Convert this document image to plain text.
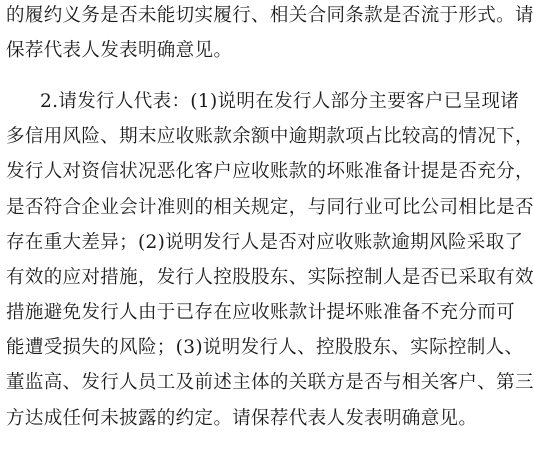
的履约义务是否未能切实履行、相关合同条款是否流于形式。请
保荐代表人发表明确意见。
2.请发行人代表：(1)说明在发行人部分主要客户已呈现诸
多信用风险、期末应收账款余额中逾期款项占比较高的情况下，
发行人对资信状况恶化客户应收账款的坏账准备计提是否充分，
是否符合企业会计准则的相关规定，与同行业可比公司相比是否
存在重大差异；(2)说明发行人是否对应收账款逾期风险采取了
有效的应对措施，发行人控股股东、实际控制人是否已采取有效
措施避免发行人由于已存在应收账款计提坏账准备不充分而可
能遭受损失的风险；(3)说明发行人、控股股东、实际控制人、
董监高、发行人员工及前述主体的关联方是否与相关客户、第三
方达成任何未披露的约定。请保荐代表人发表明确意见。
